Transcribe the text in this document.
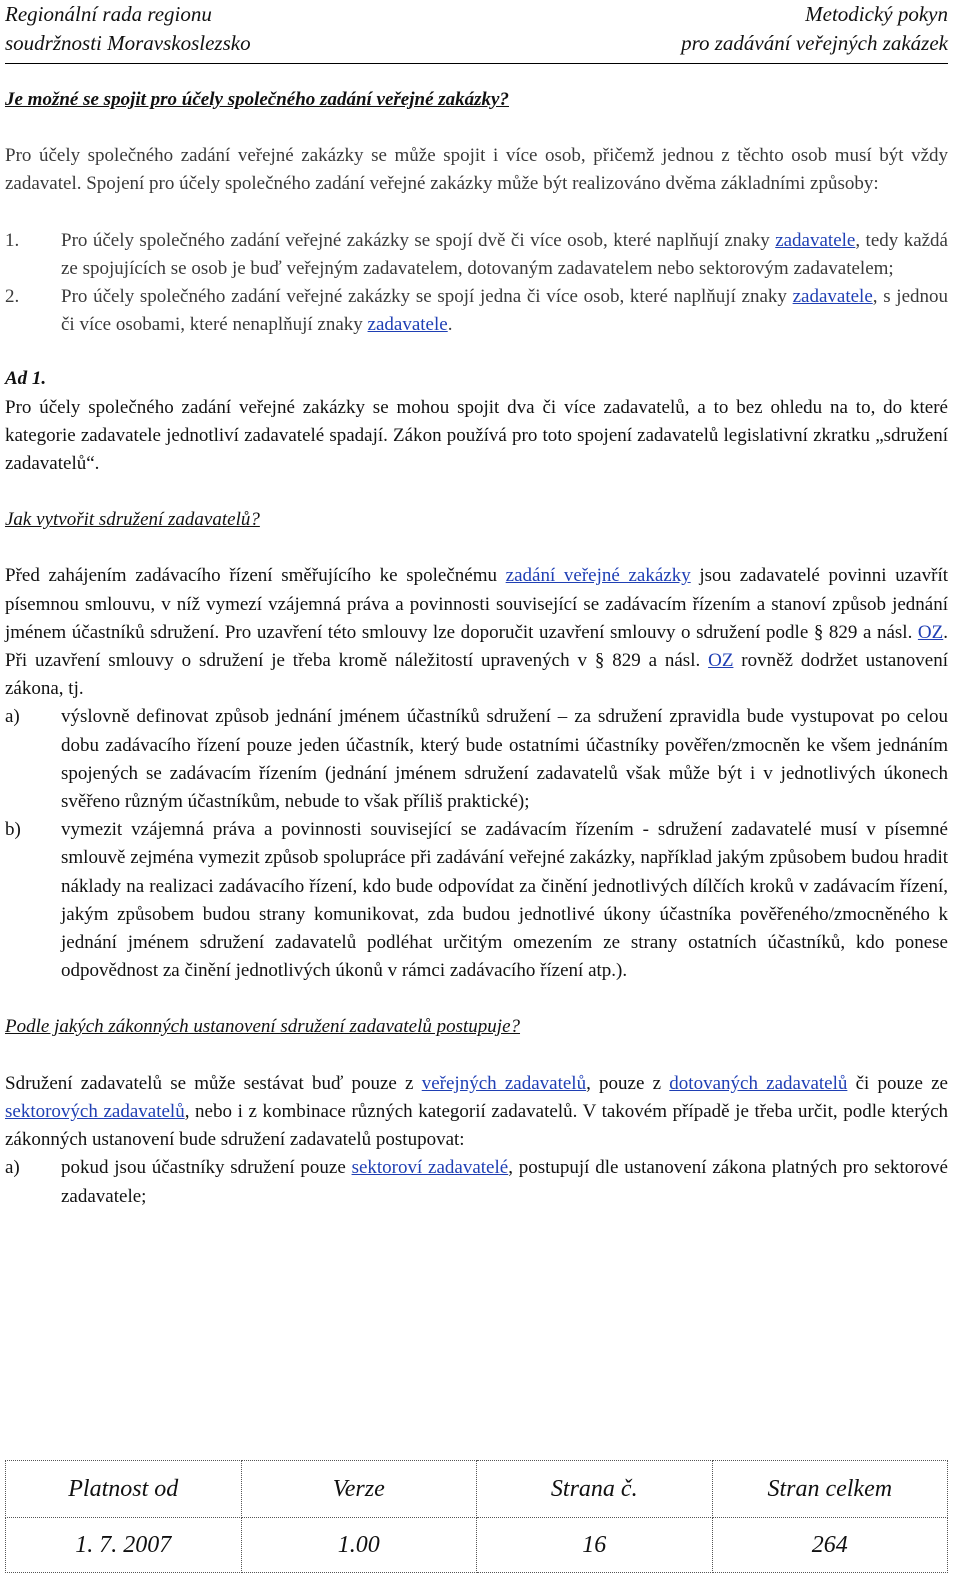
Regionální rada regionu
soudržnosti Moravskoslezsko
Metodický pokyn
pro zadávání veřejných zakázek

Je možné se spojit pro účely společného zadání veřejné zakázky?

Pro účely společného zadání veřejné zakázky se může spojit i více osob, přičemž jednou z těchto osob musí být vždy zadavatel. Spojení pro účely společného zadání veřejné zakázky může být realizováno dvěma základními způsoby:

1. Pro účely společného zadání veřejné zakázky se spojí dvě či více osob, které naplňují znaky zadavatele, tedy každá ze spojujících se osob je buď veřejným zadavatelem, dotovaným zadavatelem nebo sektorovým zadavatelem;
2. Pro účely společného zadání veřejné zakázky se spojí jedna či více osob, které naplňují znaky zadavatele, s jednou či více osobami, které nenaplňují znaky zadavatele.

Ad 1.

Pro účely společného zadání veřejné zakázky se mohou spojit dva či více zadavatelů, a to bez ohledu na to, do které kategorie zadavatele jednotliví zadavatelé spadají. Zákon používá pro toto spojení zadavatelů legislativní zkratku „sdružení zadavatelů“.

Jak vytvořit sdružení zadavatelů?

Před zahájením zadávacího řízení směřujícího ke společnému zadání veřejné zakázky jsou zadavatelé povinni uzavřít písemnou smlouvu, v níž vymezí vzájemná práva a povinnosti související se zadávacím řízením a stanoví způsob jednání jménem účastníků sdružení. Pro uzavření této smlouvy lze doporučit uzavření smlouvy o sdružení podle § 829 a násl. OZ. Při uzavření smlouvy o sdružení je třeba kromě náležitostí upravených v § 829 a násl. OZ rovněž dodržet ustanovení zákona, tj.

a) výslovně definovat způsob jednání jménem účastníků sdružení – za sdružení zpravidla bude vystupovat po celou dobu zadávacího řízení pouze jeden účastník, který bude ostatními účastníky pověřen/zmocněn ke všem jednáním spojených se zadávacím řízením (jednání jménem sdružení zadavatelů však může být i v jednotlivých úkonech svěřeno různým účastníkům, nebude to však příliš praktické);
b) vymezit vzájemná práva a povinnosti související se zadávacím řízením - sdružení zadavatelé musí v písemné smlouvě zejména vymezit způsob spolupráce při zadávání veřejné zakázky, například jakým způsobem budou hradit náklady na realizaci zadávacího řízení, kdo bude odpovídat za činění jednotlivých dílčích kroků v zadávacím řízení, jakým způsobem budou strany komunikovat, zda budou jednotlivé úkony účastníka pověřeného/zmocněného k jednání jménem sdružení zadavatelů podléhat určitým omezením ze strany ostatních účastníků, kdo ponese odpovědnost za činění jednotlivých úkonů v rámci zadávacího řízení atp.).

Podle jakých zákonných ustanovení sdružení zadavatelů postupuje?

Sdružení zadavatelů se může sestávat buď pouze z veřejných zadavatelů, pouze z dotovaných zadavatelů či pouze ze sektorových zadavatelů, nebo i z kombinace různých kategorií zadavatelů. V takovém případě je třeba určit, podle kterých zákonných ustanovení bude sdružení zadavatelů postupovat:

a) pokud jsou účastníky sdružení pouze sektoroví zadavatelé, postupují dle ustanovení zákona platných pro sektorové zadavatele;
Platnost od	Verze	Strana č.	Stran celkem
1. 7. 2007	1.00	16	264
